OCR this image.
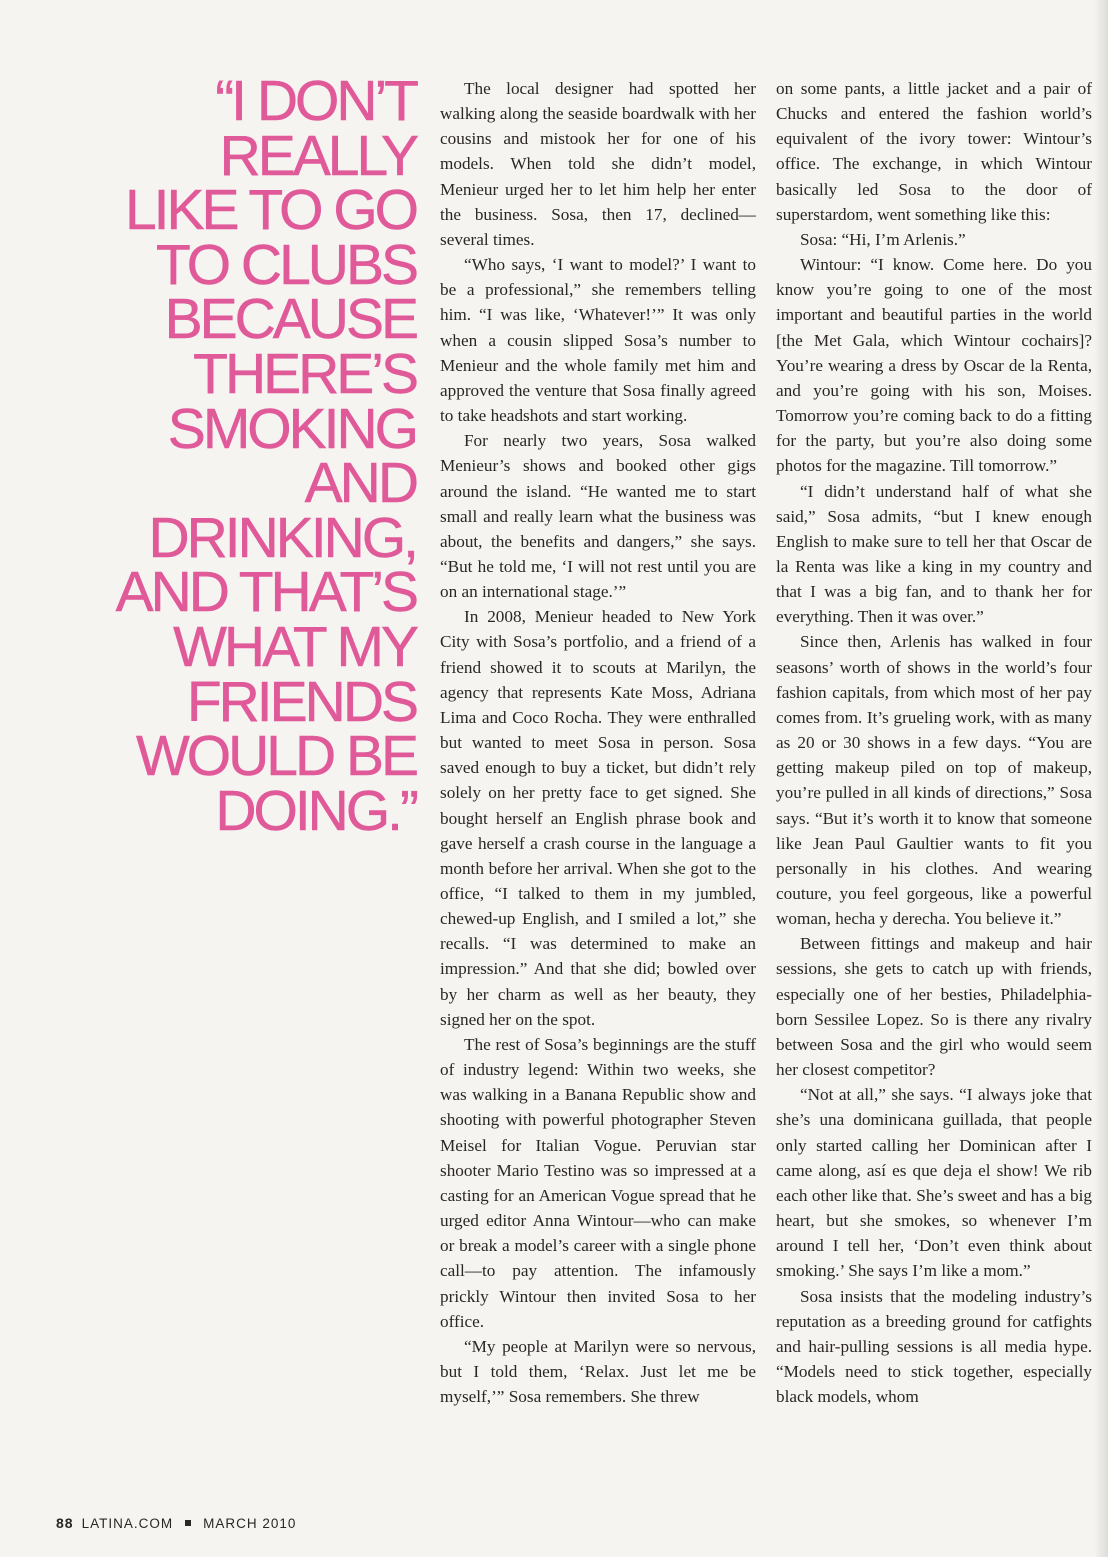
“I DON’T
REALLY
LIKE TO GO
TO CLUBS
BECAUSE
THERE’S
SMOKING
AND
DRINKING,
AND THAT’S
WHAT MY
FRIENDS
WOULD BE
DOING.”

The local designer had spotted her walking along the seaside boardwalk with her cousins and mistook her for one of his models. When told she didn’t model, Menieur urged her to let him help her enter the business. Sosa, then 17, declined—several times.

“Who says, ‘I want to model?’ I want to be a professional,” she remembers telling him. “I was like, ‘Whatever!’” It was only when a cousin slipped Sosa’s number to Menieur and the whole family met him and approved the venture that Sosa finally agreed to take headshots and start working.

For nearly two years, Sosa walked Menieur’s shows and booked other gigs around the island. “He wanted me to start small and really learn what the business was about, the benefits and dangers,” she says. “But he told me, ‘I will not rest until you are on an international stage.’”

In 2008, Menieur headed to New York City with Sosa’s portfolio, and a friend of a friend showed it to scouts at Marilyn, the agency that represents Kate Moss, Adriana Lima and Coco Rocha. They were enthralled but wanted to meet Sosa in person. Sosa saved enough to buy a ticket, but didn’t rely solely on her pretty face to get signed. She bought herself an English phrase book and gave herself a crash course in the language a month before her arrival. When she got to the office, “I talked to them in my jumbled, chewed-up English, and I smiled a lot,” she recalls. “I was determined to make an impression.” And that she did; bowled over by her charm as well as her beauty, they signed her on the spot.

The rest of Sosa’s beginnings are the stuff of industry legend: Within two weeks, she was walking in a Banana Republic show and shooting with powerful photographer Steven Meisel for Italian Vogue. Peruvian star shooter Mario Testino was so impressed at a casting for an American Vogue spread that he urged editor Anna Wintour—who can make or break a model’s career with a single phone call—to pay attention. The infamously prickly Wintour then invited Sosa to her office.

“My people at Marilyn were so nervous, but I told them, ‘Relax. Just let me be myself,’” Sosa remembers. She threw

on some pants, a little jacket and a pair of Chucks and entered the fashion world’s equivalent of the ivory tower: Wintour’s office. The exchange, in which Wintour basically led Sosa to the door of superstardom, went something like this:

Sosa: “Hi, I’m Arlenis.”

Wintour: “I know. Come here. Do you know you’re going to one of the most important and beautiful parties in the world [the Met Gala, which Wintour cochairs]? You’re wearing a dress by Oscar de la Renta, and you’re going with his son, Moises. Tomorrow you’re coming back to do a fitting for the party, but you’re also doing some photos for the magazine. Till tomorrow.”

“I didn’t understand half of what she said,” Sosa admits, “but I knew enough English to make sure to tell her that Oscar de la Renta was like a king in my country and that I was a big fan, and to thank her for everything. Then it was over.”

Since then, Arlenis has walked in four seasons’ worth of shows in the world’s four fashion capitals, from which most of her pay comes from. It’s grueling work, with as many as 20 or 30 shows in a few days. “You are getting makeup piled on top of makeup, you’re pulled in all kinds of directions,” Sosa says. “But it’s worth it to know that someone like Jean Paul Gaultier wants to fit you personally in his clothes. And wearing couture, you feel gorgeous, like a powerful woman, hecha y derecha. You believe it.”

Between fittings and makeup and hair sessions, she gets to catch up with friends, especially one of her besties, Philadelphia-born Sessilee Lopez. So is there any rivalry between Sosa and the girl who would seem her closest competitor?

“Not at all,” she says. “I always joke that she’s una dominicana guillada, that people only started calling her Dominican after I came along, así es que deja el show! We rib each other like that. She’s sweet and has a big heart, but she smokes, so whenever I’m around I tell her, ‘Don’t even think about smoking.’ She says I’m like a mom.”

Sosa insists that the modeling industry’s reputation as a breeding ground for catfights and hair-pulling sessions is all media hype. “Models need to stick together, especially black models, whom

88 LATINA.COM MARCH 2010
